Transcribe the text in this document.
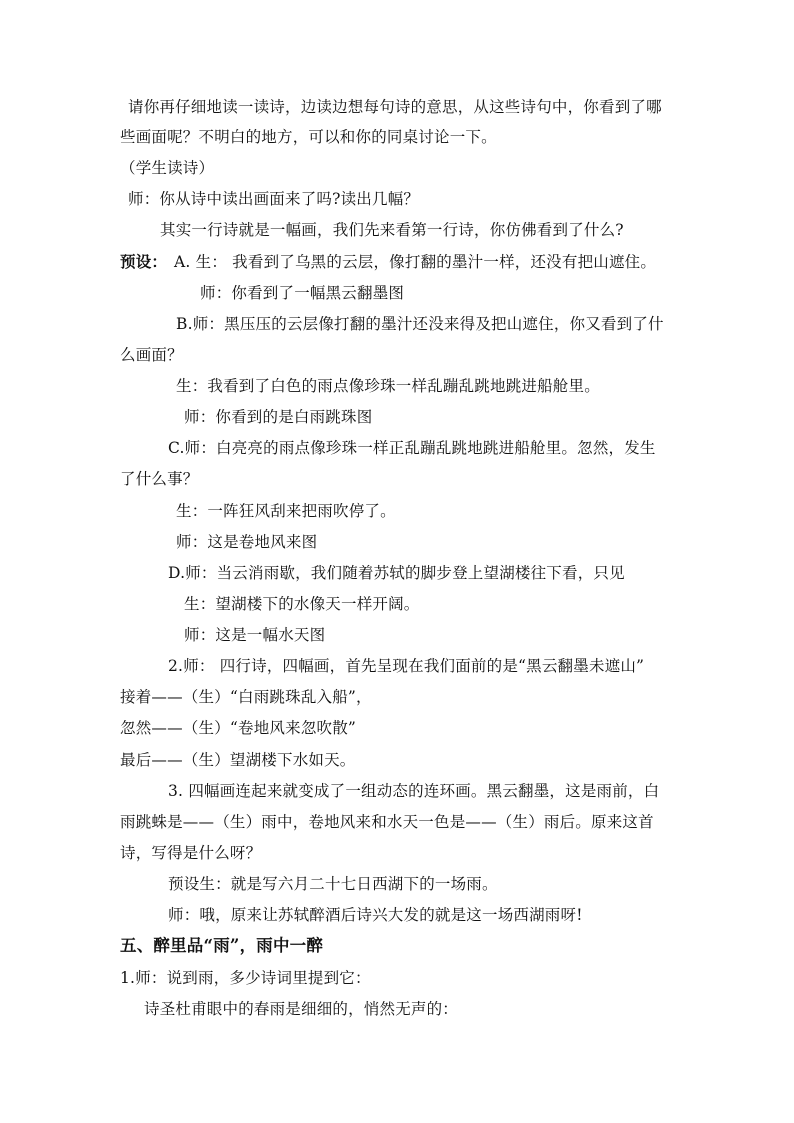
请你再仔细地读一读诗，边读边想每句诗的意思，从这些诗句中，你看到了哪
些画面呢？不明白的地方，可以和你的同桌讨论一下。
（学生读诗）
师：你从诗中读出画面来了吗?读出几幅？
其实一行诗就是一幅画，我们先来看第一行诗，你仿佛看到了什么?
预设： A. 生： 我看到了乌黑的云层，像打翻的墨汁一样，还没有把山遮住。
师：你看到了一幅黑云翻墨图
B.师：黑压压的云层像打翻的墨汁还没来得及把山遮住，你又看到了什
么画面？
生：我看到了白色的雨点像珍珠一样乱蹦乱跳地跳进船舱里。
师：你看到的是白雨跳珠图
C.师：白亮亮的雨点像珍珠一样正乱蹦乱跳地跳进船舱里。忽然，发生
了什么事？
生：一阵狂风刮来把雨吹停了。
师：这是卷地风来图
D.师：当云消雨歇，我们随着苏轼的脚步登上望湖楼往下看，只见
生：望湖楼下的水像天一样开阔。
师：这是一幅水天图
2.师： 四行诗，四幅画，首先呈现在我们面前的是“黑云翻墨未遮山”
接着——（生）“白雨跳珠乱入船”，
忽然——（生）“卷地风来忽吹散”
最后——（生）望湖楼下水如天。
3. 四幅画连起来就变成了一组动态的连环画。黑云翻墨，这是雨前，白
雨跳蛛是——（生）雨中，卷地风来和水天一色是——（生）雨后。原来这首
诗，写得是什么呀？
预设生：就是写六月二十七日西湖下的一场雨。
师：哦，原来让苏轼醉酒后诗兴大发的就是这一场西湖雨呀!
五、醉里品“雨”，雨中一醉
1.师：说到雨，多少诗词里提到它：
诗圣杜甫眼中的春雨是细细的，悄然无声的：
